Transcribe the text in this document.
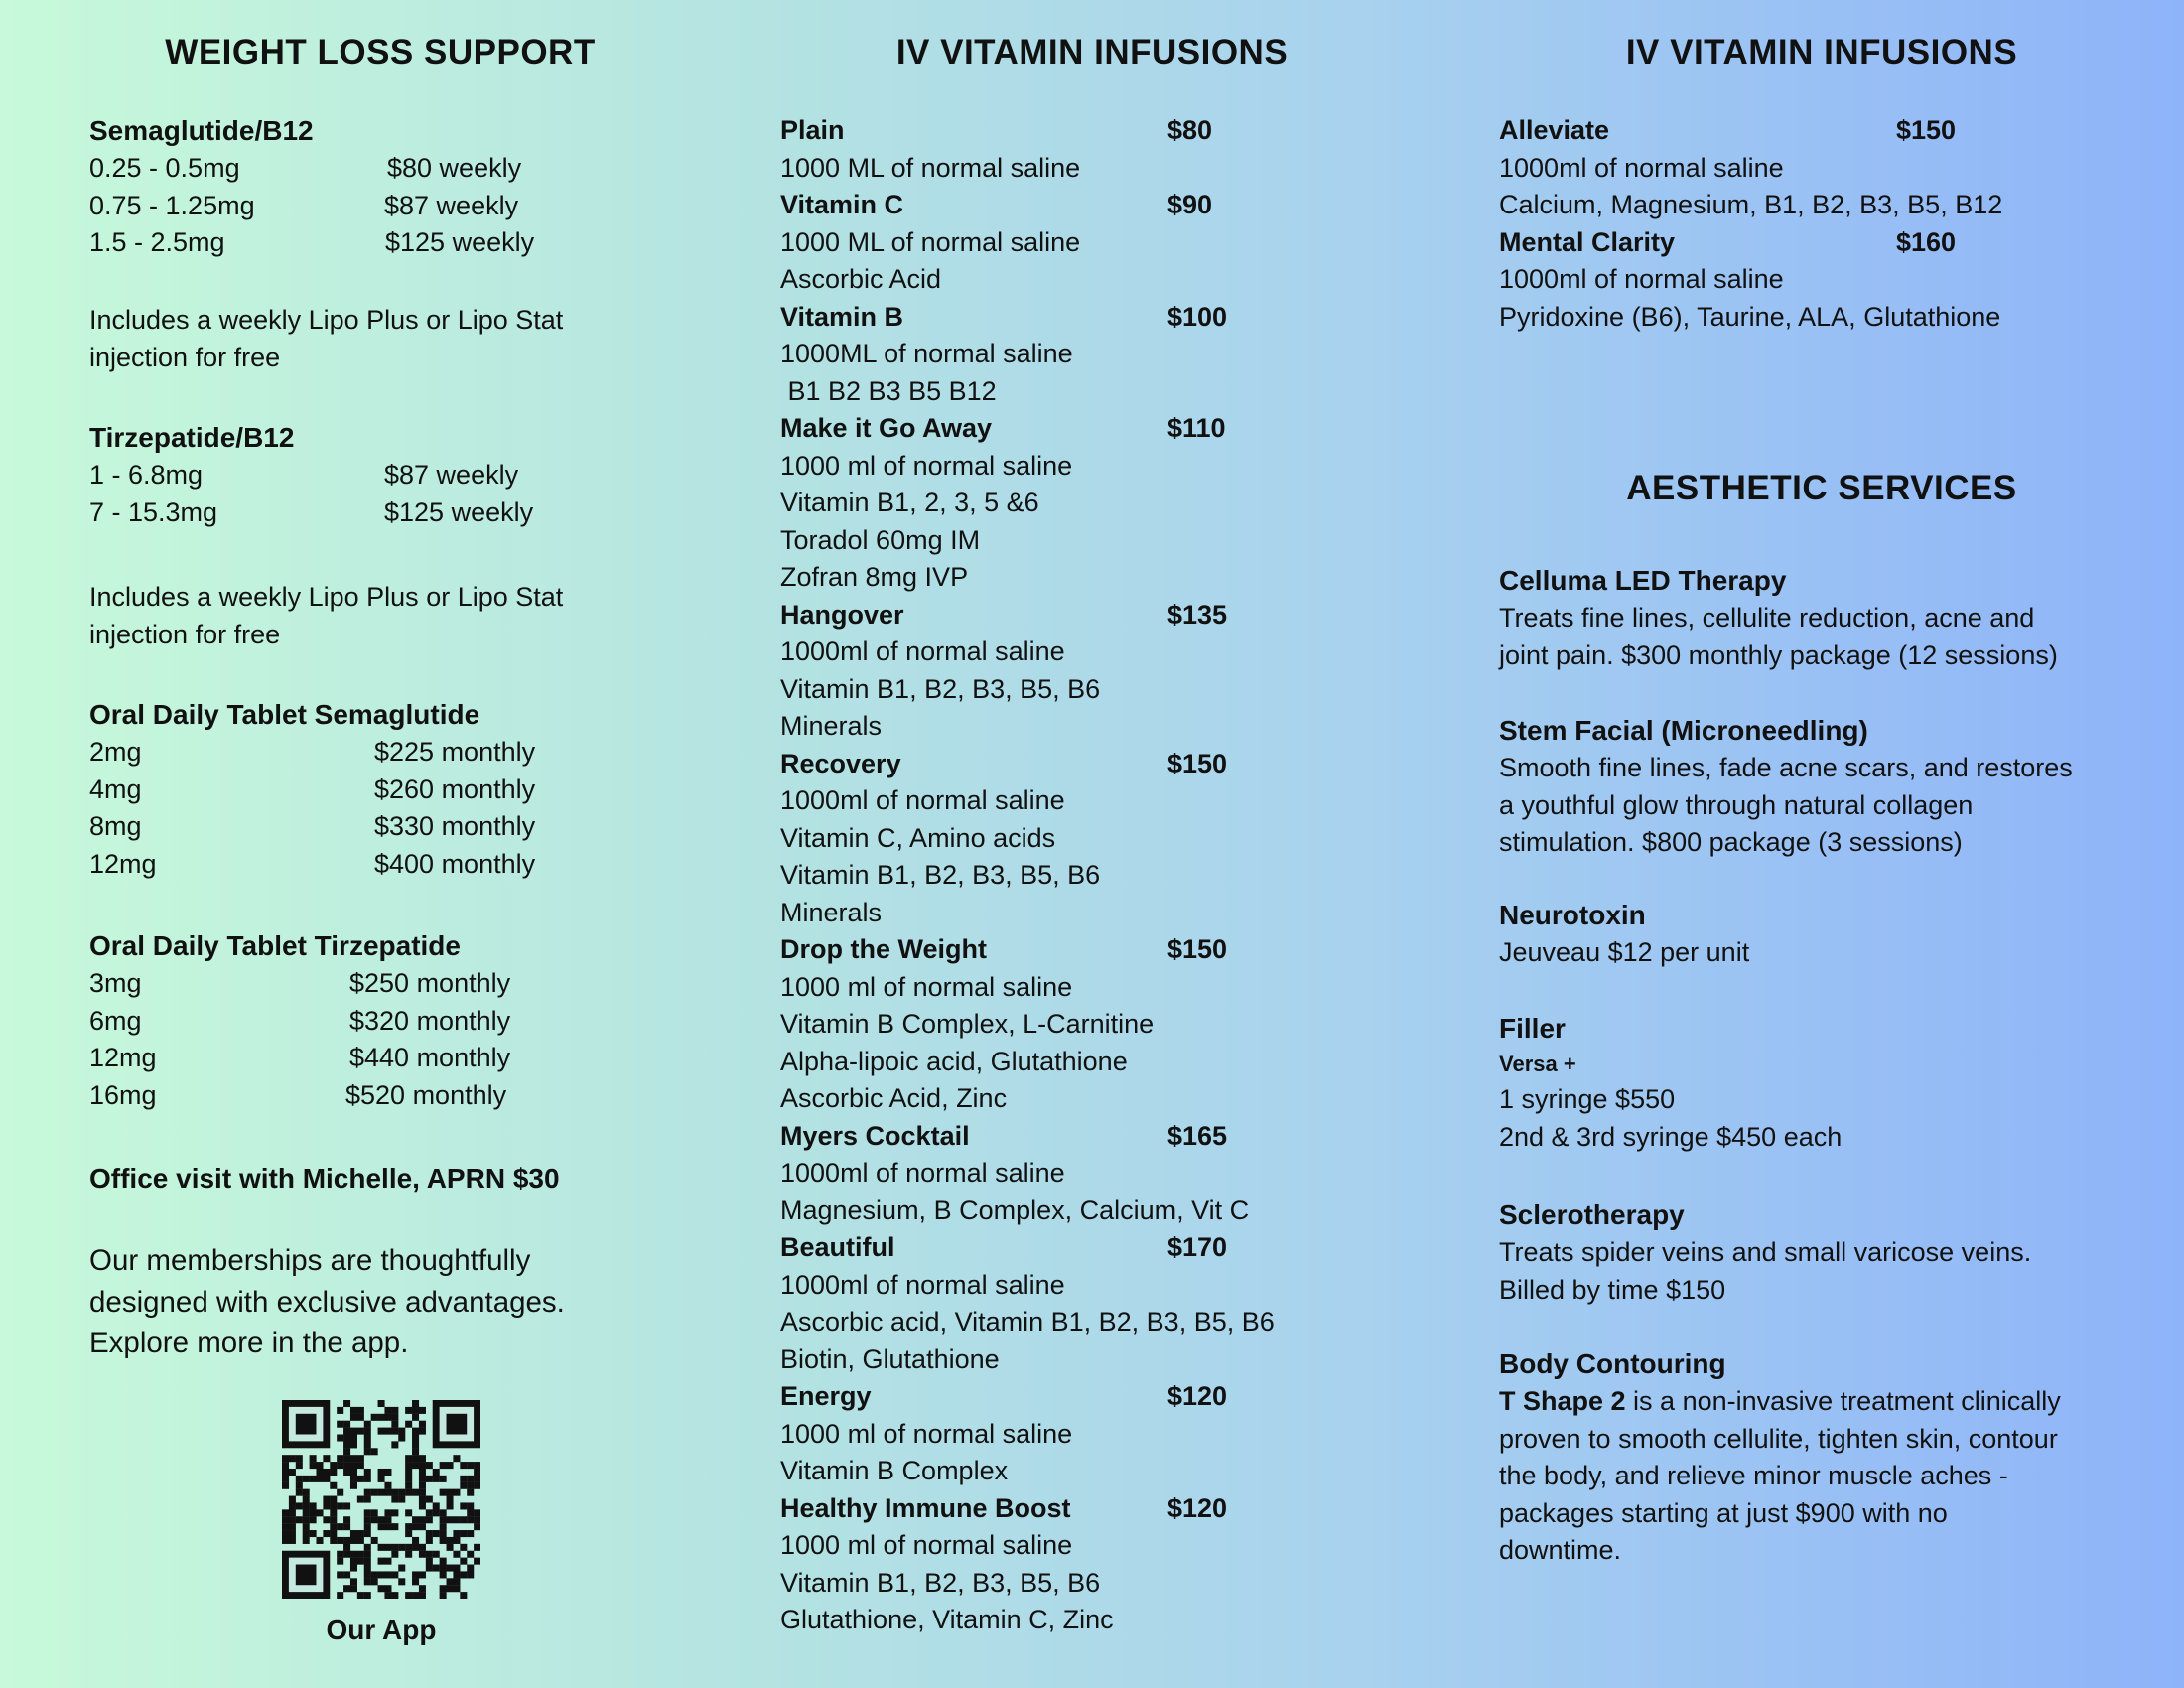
WEIGHT LOSS SUPPORT
Semaglutide/B12
0.25 - 0.5mg	$80 weekly
0.75 - 1.25mg	$87 weekly
1.5 - 2.5mg	$125 weekly
Includes a weekly Lipo Plus or Lipo Stat
injection for free
Tirzepatide/B12
1 - 6.8mg	$87 weekly
7 - 15.3mg	$125 weekly
Includes a weekly Lipo Plus or Lipo Stat
injection for free
Oral Daily Tablet Semaglutide
2mg	$225 monthly
4mg	$260 monthly
8mg	$330 monthly
12mg	$400 monthly
Oral Daily Tablet Tirzepatide
3mg	$250 monthly
6mg	$320 monthly
12mg	$440 monthly
16mg	$520 monthly
Office visit with Michelle, APRN $30
Our memberships are thoughtfully
designed with exclusive advantages.
Explore more in the app.
Our App
IV VITAMIN INFUSIONS
Plain	$80
1000 ML of normal saline
Vitamin C	$90
1000 ML of normal saline
Ascorbic Acid
Vitamin B	$100
1000ML of normal saline
B1 B2 B3 B5 B12
Make it Go Away	$110
1000 ml of normal saline
Vitamin B1, 2, 3, 5 &6
Toradol 60mg IM
Zofran 8mg IVP
Hangover	$135
1000ml of normal saline
Vitamin B1, B2, B3, B5, B6
Minerals
Recovery	$150
1000ml of normal saline
Vitamin C, Amino acids
Vitamin B1, B2, B3, B5, B6
Minerals
Drop the Weight	$150
1000 ml of normal saline
Vitamin B Complex, L-Carnitine
Alpha-lipoic acid, Glutathione
Ascorbic Acid, Zinc
Myers Cocktail	$165
1000ml of normal saline
Magnesium, B Complex, Calcium, Vit C
Beautiful	$170
1000ml of normal saline
Ascorbic acid, Vitamin B1, B2, B3, B5, B6
Biotin, Glutathione
Energy	$120
1000 ml of normal saline
Vitamin B Complex
Healthy Immune Boost	$120
1000 ml of normal saline
Vitamin B1, B2, B3, B5, B6
Glutathione, Vitamin C, Zinc
IV VITAMIN INFUSIONS
Alleviate	$150
1000ml of normal saline
Calcium, Magnesium, B1, B2, B3, B5, B12
Mental Clarity	$160
1000ml of normal saline
Pyridoxine (B6), Taurine, ALA, Glutathione
AESTHETIC SERVICES
Celluma LED Therapy
Treats fine lines, cellulite reduction, acne and
joint pain. $300 monthly package (12 sessions)
Stem Facial (Microneedling)
Smooth fine lines, fade acne scars, and restores
a youthful glow through natural collagen
stimulation. $800 package (3 sessions)
Neurotoxin
Jeuveau $12 per unit
Filler
Versa +
1 syringe $550
2nd & 3rd syringe $450 each
Sclerotherapy
Treats spider veins and small varicose veins.
Billed by time $150
Body Contouring
T Shape 2 is a non-invasive treatment clinically
proven to smooth cellulite, tighten skin, contour
the body, and relieve minor muscle aches -
packages starting at just $900 with no
downtime.
